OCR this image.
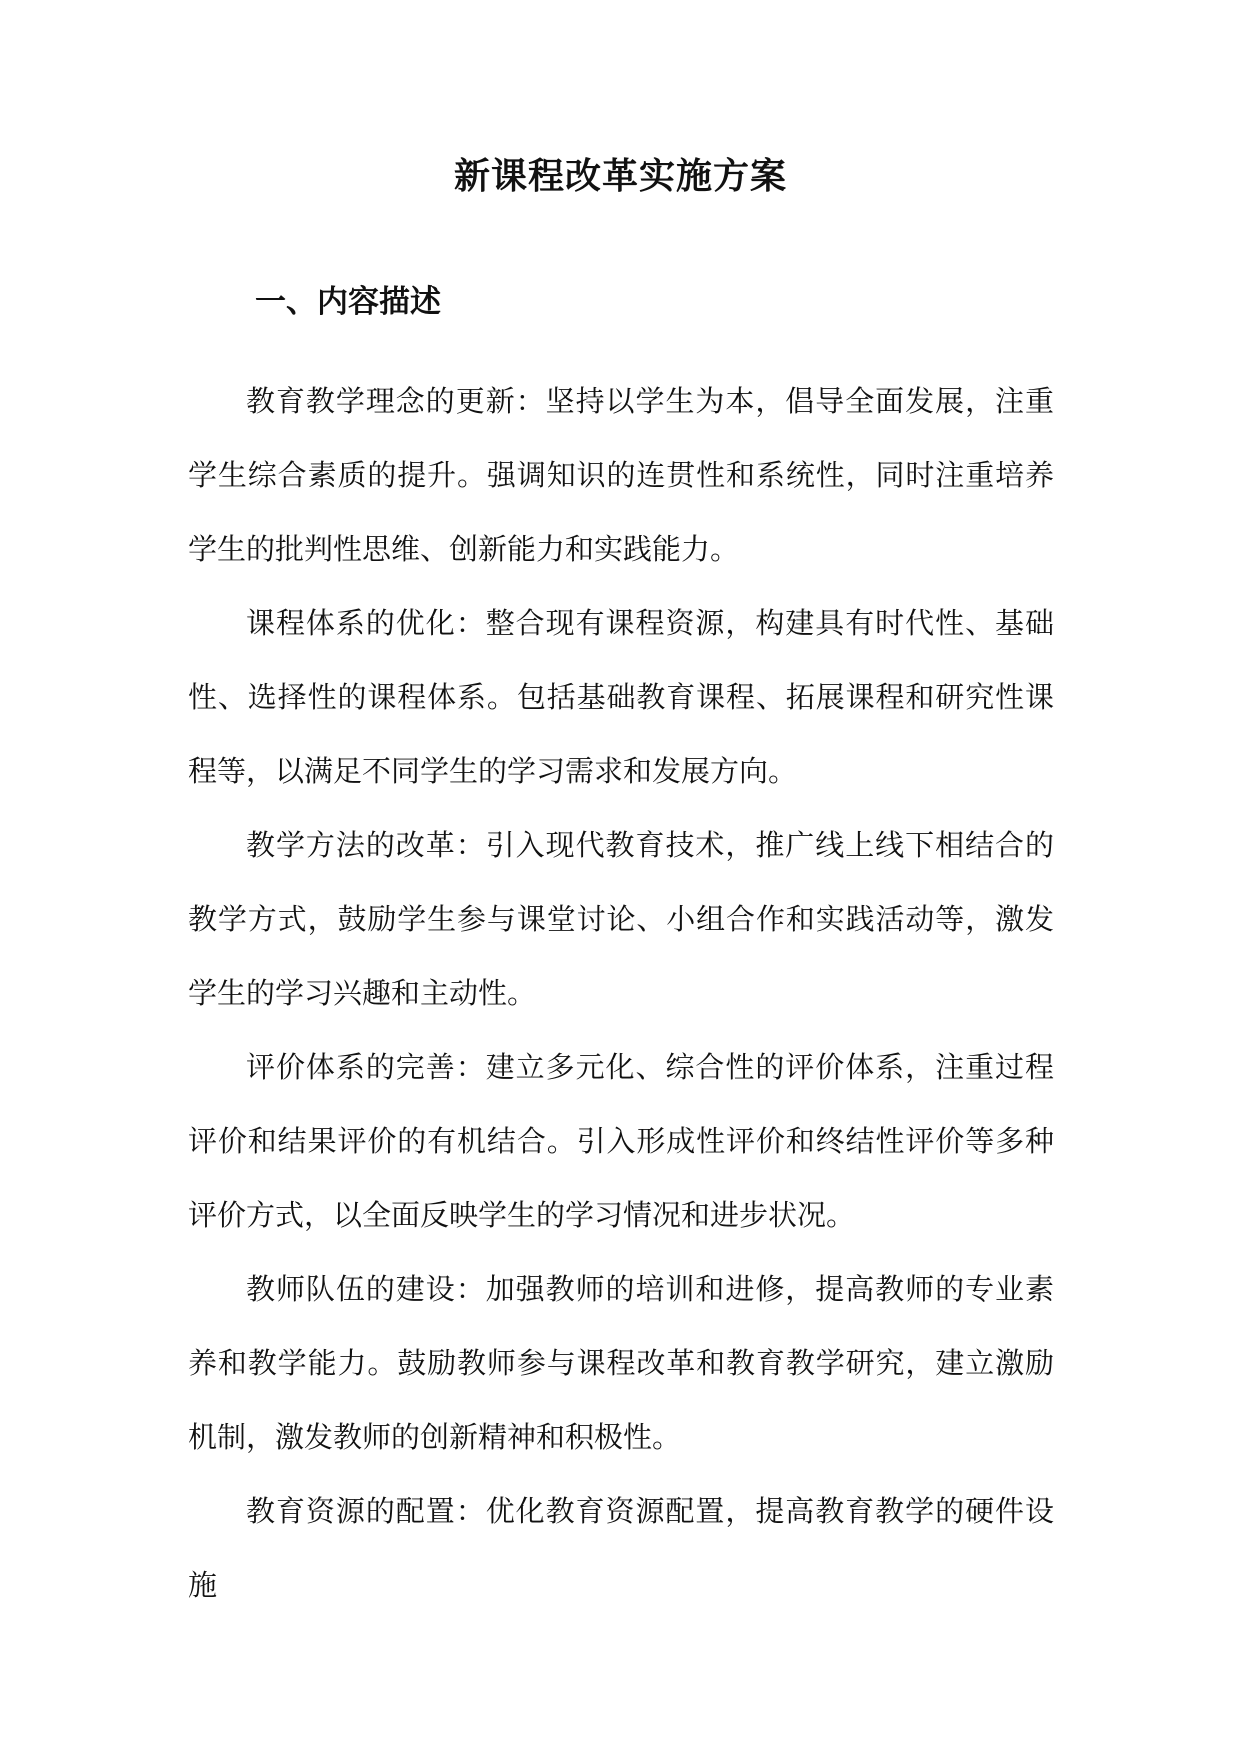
新课程改革实施方案
一、内容描述

教育教学理念的更新：坚持以学生为本，倡导全面发展，注重学生综合素质的提升。强调知识的连贯性和系统性，同时注重培养学生的批判性思维、创新能力和实践能力。

课程体系的优化：整合现有课程资源，构建具有时代性、基础性、选择性的课程体系。包括基础教育课程、拓展课程和研究性课程等，以满足不同学生的学习需求和发展方向。

教学方法的改革：引入现代教育技术，推广线上线下相结合的教学方式，鼓励学生参与课堂讨论、小组合作和实践活动等，激发学生的学习兴趣和主动性。

评价体系的完善：建立多元化、综合性的评价体系，注重过程评价和结果评价的有机结合。引入形成性评价和终结性评价等多种评价方式，以全面反映学生的学习情况和进步状况。

教师队伍的建设：加强教师的培训和进修，提高教师的专业素养和教学能力。鼓励教师参与课程改革和教育教学研究，建立激励机制，激发教师的创新精神和积极性。

教育资源的配置：优化教育资源配置，提高教育教学的硬件设施
